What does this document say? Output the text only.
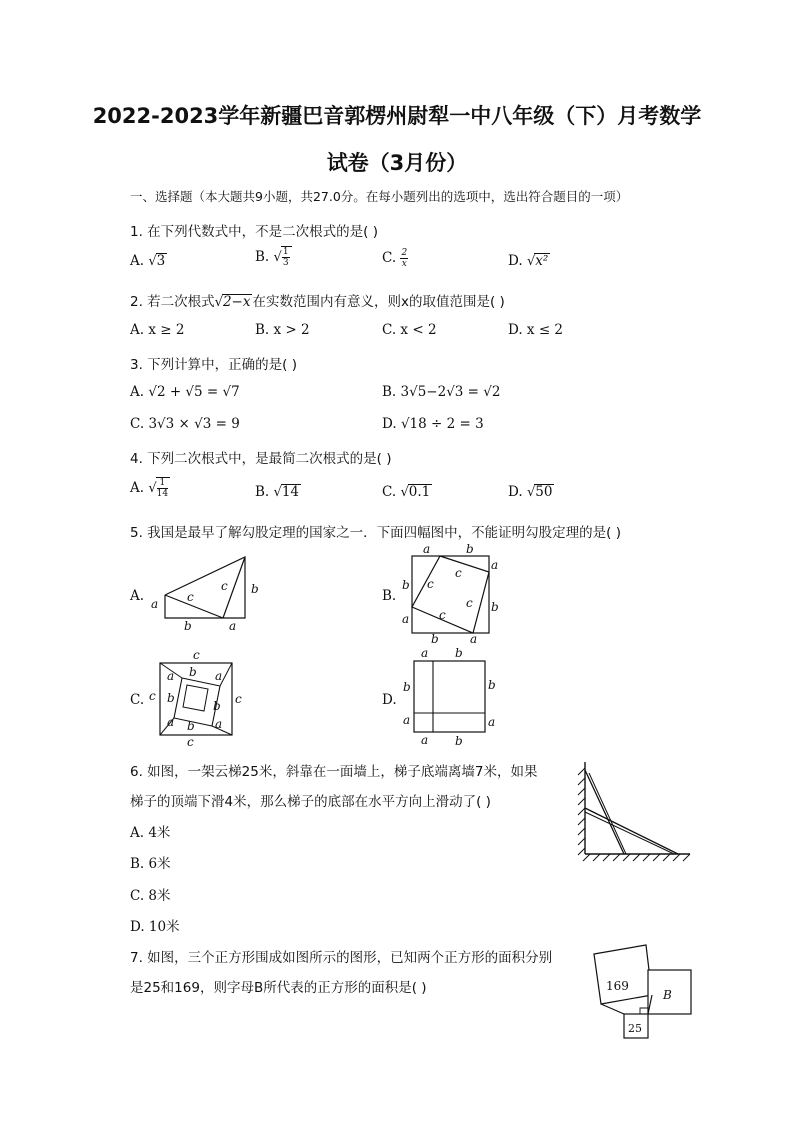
2022-2023学年新疆巴音郭楞州尉犁一中八年级（下）月考数学
试卷（3月份）
一、选择题（本大题共9小题，共27.0分。在每小题列出的选项中，选出符合题目的一项）
1. 在下列代数式中，不是二次根式的是( )
A. √3	B. √ $\frac{1}{3}$	C. $\frac{2}{x}$	D. √x²
2. 若二次根式√2−x 在实数范围内有意义，则x的取值范围是( )
A. x ≥ 2	B. x > 2	C. x < 2	D. x ≤ 2
3. 下列计算中，正确的是( )
A. √2 + √5 = √7	B. 3√5−2√3 = √2
C. 3√3 × √3 = 9	D. √18 ÷ 2 = 3
4. 下列二次根式中，是最简二次根式的是( )
A. √ $\frac{1}{14}$	B. √14	C. √0.1	D. √50
5. 我国是最早了解勾股定理的国家之一．下面四幅图中，不能证明勾股定理的是( )
A. a c
c b
b	a
B.
a	b
b
a
a
b
b	a
c
c
c
c
C.
c
c	c
c
a b a
b
b
a b a
D.
a b
b
a
b
a
a b
6. 如图，一架云梯25米，斜靠在一面墙上，梯子底端离墙7米，如果
梯子的顶端下滑4米，那么梯子的底部在水平方向上滑动了( )
A. 4米
B. 6米
C. 8米
D. 10米
7. 如图，三个正方形围成如图所示的图形，已知两个正方形的面积分别
是25和169，则字母B所代表的正方形的面积是( )	169
B
25
